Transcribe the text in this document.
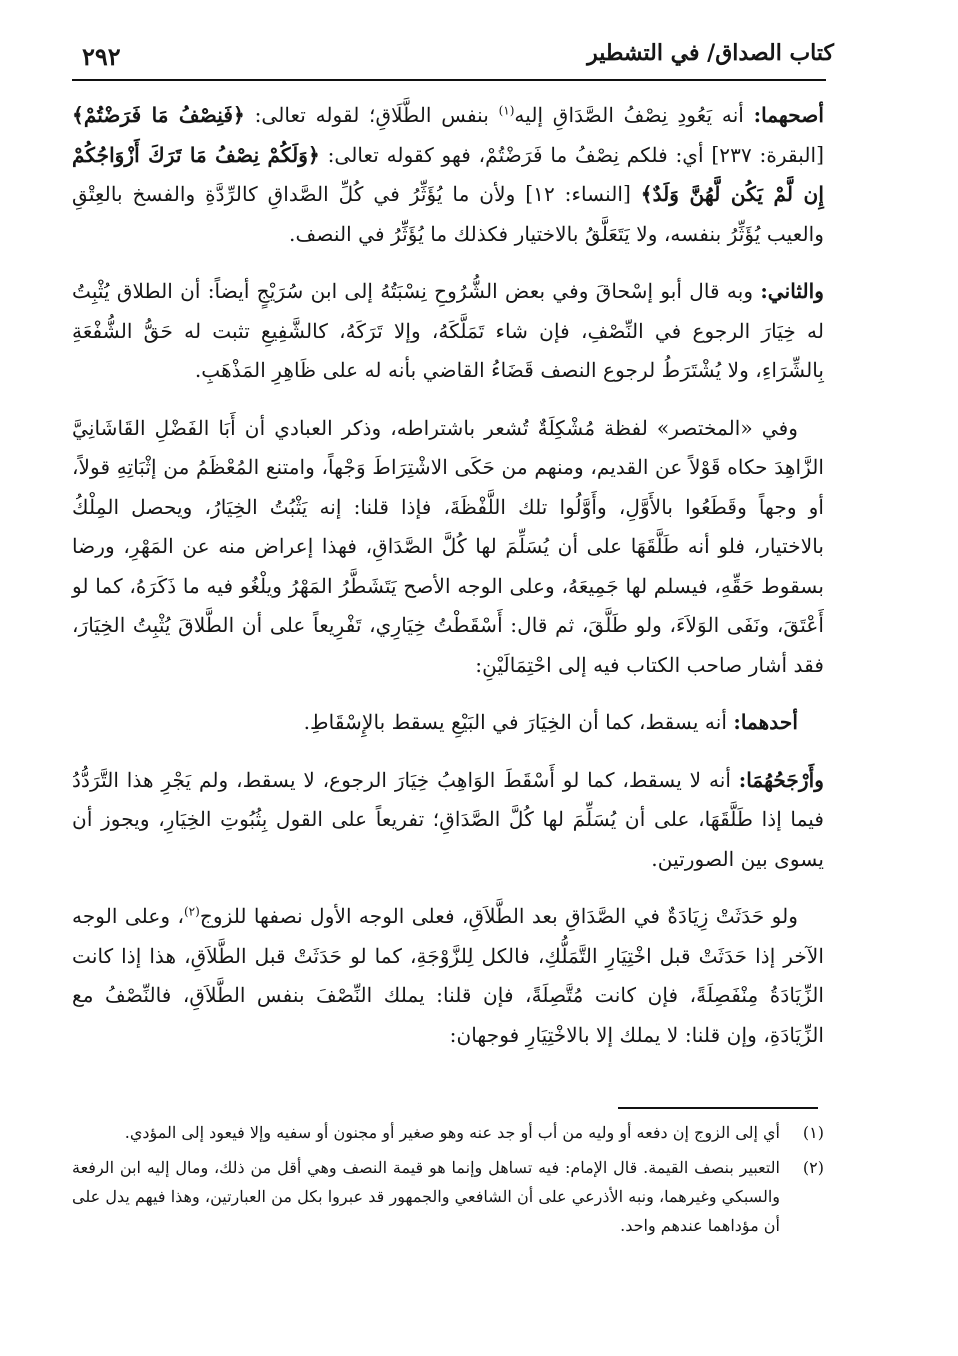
كتاب الصداق/ في التشطير
٢٩٢

أصحهما: أنه يَعُودِ نِصْفُ الصَّدَاقِ إليه$^{(١)}$ بنفس الطَّلَاقِ؛ لقوله تعالى: ﴿فَنِصْفُ مَا فَرَضْتُمْ﴾ [البقرة: ٢٣٧] أي: فلكم نِصْفُ ما فَرَضْتُمْ، فهو كقوله تعالى: ﴿وَلَكُمْ نِصْفُ مَا تَرَكَ أَزْوَاجُكُمْ إِن لَّمْ يَكُن لَّهُنَّ وَلَدٌ﴾ [النساء: ١٢] ولأن ما يُؤَثِّرُ في كُلِّ الصَّداقِ كالرِّدَّةِ والفسخ بالعِتْقِ والعيب يُؤَثِّرُ بنفسه، ولا يَتَعَلَّقُ بالاختيار فكذلك ما يُؤَثِّرُ في النصف.

والثاني: وبه قال أبو إسْحاقَ وفي بعض الشُّرُوحِ نِسْبَتُهُ إلى ابن سُرَيْجٍ أيضاً: أن الطلاق يُثْبِتُ له خِيَارَ الرجوع في النِّصْفِ، فإن شاء تَمَلَّكَهُ، وإلا تَرَكَهُ، كالشَّفِيعِ تثبت له حَقُّ الشُّفْعَةِ بِالشِّرَاءِ، ولا يُشْتَرَطُ لرجوع النصف قَضَاءُ القاضي بأنه له على ظَاهِرِ المَذْهَبِ.

وفي «المختصر» لفظة مُشْكِلَةٌ تُشعر باشتراطه، وذكر العبادي أن أَبَا الفَضْلِ القَاشَانِيَّ الزَّاهِدَ حكاه قَوْلاً عن القديم، ومنهم من حَكَى الاشْتِرَاطَ وَجْهاً، وامتنع المُعْظَمُ من إثْبَاتِهِ قولاً، أو وجهاً وقَطَعُوا بالأَوَّلِ، وأَوَّلُوا تلك اللَّفْظَةَ، فإذا قلنا: إنه يَثْبُتُ الخِيَارُ، ويحصل المِلْكُ بالاختيار، فلو أنه طَلَّقَهَا على أن يُسَلِّمَ لها كُلَّ الصَّدَاقِ، فهذا إعراض منه عن المَهْرِ، ورضا بسقوط حَقِّهِ، فيسلم لها جَمِيعَهُ، وعلى الوجه الأصح يَتَشَطَّرُ المَهْرُ ويلْغُو فيه ما ذَكَرَهُ، كما لو أَعْتَقَ، ونَفَى الوَلاَءَ، ولو طَلَّقَ، ثم قال: أَسْقَطْتُ خِيَارِي، تَفْرِيعاً على أن الطَّلاقَ يُثْبِتُ الخِيَارَ، فقد أشار صاحب الكتاب فيه إلى احْتِمَالَيْنِ:

أحدهما: أنه يسقط، كما أن الخِيَارَ في البَيْعِ يسقط بالإِسْقَاطِ.

وأَرْجَحُهُمَا: أنه لا يسقط، كما لو أَسْقَطَ الوَاهِبُ خِيَارَ الرجوع، لا يسقط، ولم يَجْرِ هذا التَّرَدُّدُ فيما إذا طَلَّقَهَا، على أن يُسَلِّمَ لها كُلَّ الصَّدَاقِ؛ تفريعاً على القول بِثُبُوتِ الخِيَارِ، ويجوز أن يسوى بين الصورتين.

ولو حَدَثَتْ زِيَادَةٌ في الصَّدَاقِ بعد الطَّلاَقِ، فعلى الوجه الأول نصفها للزوج$^{(٢)}$، وعلى الوجه الآخر إذا حَدَثَتْ قبل اخْتِيَارِ التَّمَلُّكِ، فالكل لِلزَّوْجَةِ، كما لو حَدَثَتْ قبل الطَّلاَقِ، هذا إذا كانت الزِّيَادَةُ مِنْفَصِلَةً، فإن كانت مُتَّصِلَةً، فإن قلنا: يملك النِّصْفَ بنفس الطَّلاَقِ، فالنِّصْفُ مع الزِّيَادَةِ، وإن قلنا: لا يملك إلا بالاخْتِيَارِ فوجهان:

(١)
أي إلى الزوج إن دفعه أو وليه من أب أو جد عنه وهو صغير أو مجنون أو سفيه وإلا فيعود إلى المؤدي.
(٢)
التعبير بنصف القيمة. قال الإمام: فيه تساهل وإنما هو قيمة النصف وهي أقل من ذلك، ومال إليه ابن الرفعة والسبكي وغيرهما، ونبه الأذرعي على أن الشافعي والجمهور قد عبروا بكل من العبارتين، وهذا فيهم يدل على أن مؤداهما عندهم واحد.
